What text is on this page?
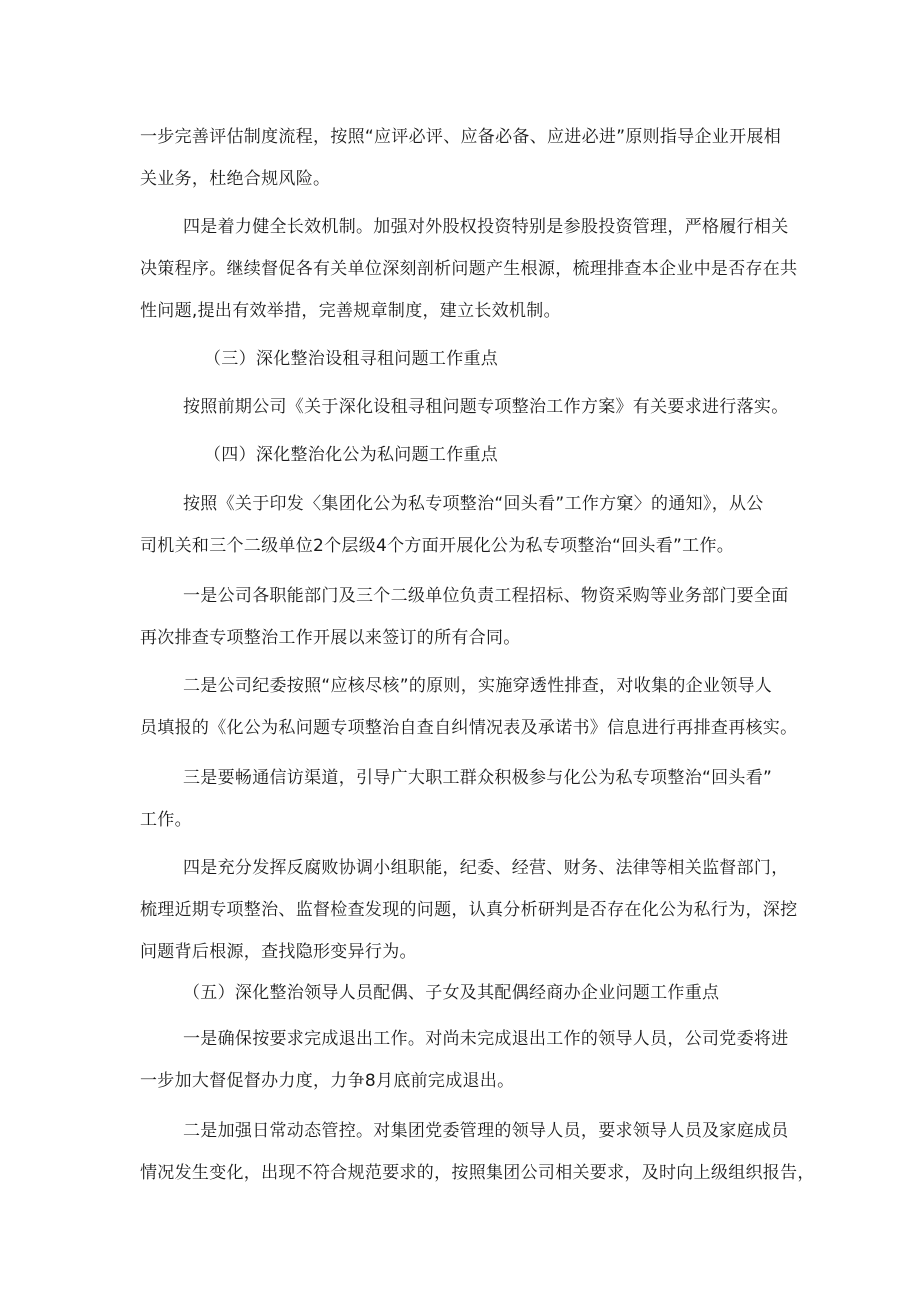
一步完善评估制度流程，按照“应评必评、应备必备、应进必进”原则指导企业开展相
关业务，杜绝合规风险。
四是着力健全长效机制。加强对外股权投资特别是参股投资管理，严格履行相关
决策程序。继续督促各有关单位深刻剖析问题产生根源，梳理排查本企业中是否存在共
性问题,提出有效举措，完善规章制度，建立长效机制。
（三）深化整治设租寻租问题工作重点
按照前期公司《关于深化设租寻租问题专项整治工作方案》有关要求进行落实。
（四）深化整治化公为私问题工作重点
按照《关于印发〈集团化公为私专项整治“回头看”工作方窠〉的通知》，从公
司机关和三个二级单位2个层级4个方面开展化公为私专项整治“回头看”工作。
一是公司各职能部门及三个二级单位负责工程招标、物资采购等业务部门要全面
再次排查专项整治工作开展以来签订的所有合同。
二是公司纪委按照“应核尽核”的原则，实施穿透性排查，对收集的企业领导人
员填报的《化公为私问题专项整治自查自纠情况表及承诺书》信息进行再排查再核实。
三是要畅通信访渠道，引导广大职工群众积极参与化公为私专项整治“回头看”
工作。
四是充分发挥反腐败协调小组职能，纪委、经营、财务、法律等相关监督部门，
梳理近期专项整治、监督检查发现的问题，认真分析研判是否存在化公为私行为，深挖
问题背后根源，查找隐形变异行为。
（五）深化整治领导人员配偶、子女及其配偶经商办企业问题工作重点
一是确保按要求完成退出工作。对尚未完成退出工作的领导人员，公司党委将进
一步加大督促督办力度，力争8月底前完成退出。
二是加强日常动态管控。对集团党委管理的领导人员，要求领导人员及家庭成员
情况发生变化，出现不符合规范要求的，按照集团公司相关要求，及时向上级组织报告，
